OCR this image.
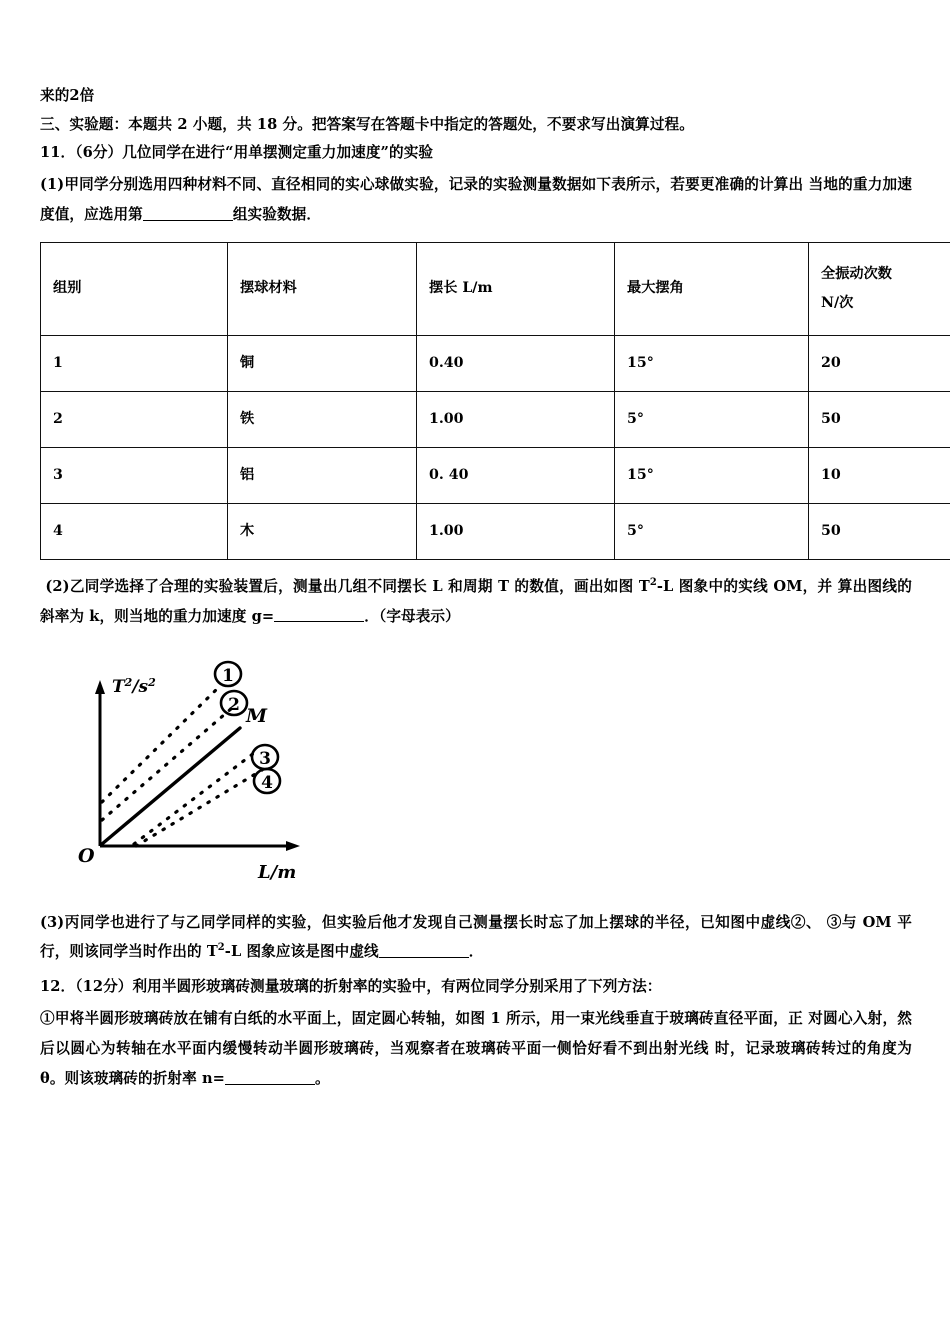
来的2倍

三、实验题：本题共 2 小题，共 18 分。把答案写在答题卡中指定的答题处，不要求写出演算过程。

11．（6分）几位同学在进行“用单摆测定重力加速度”的实验

(1)甲同学分别选用四种材料不同、直径相同的实心球做实验，记录的实验测量数据如下表所示，若要更准确的计算出 当地的重力加速度值，应选用第	组实验数据．

组别	摆球材料	摆长 L/m	最大摆角	全振动次数
N/次

1	铜	0.40	15°	20
2	铁	1.00	5°	50
3	铝	0. 40	15°	10
4	木	1.00	5°	50

(2)乙同学选择了合理的实验装置后，测量出几组不同摆长 L 和周期 T 的数值，画出如图 $T^2-L$ 图象中的实线 OM，并 算出图线的斜率为 k，则当地的重力加速度 g=	．（字母表示）

1
2
3
4
$T^2/s^2$
L/m
O
M

(3)丙同学也进行了与乙同学同样的实验，但实验后他才发现自己测量摆长时忘了加上摆球的半径，已知图中虚线②、 ③与 OM 平行，则该同学当时作出的 $T^2-L$ 图象应该是图中虚线	．

12．（12分）利用半圆形玻璃砖测量玻璃的折射率的实验中，有两位同学分别采用了下列方法：

①甲将半圆形玻璃砖放在铺有白纸的水平面上，固定圆心转轴，如图 1 所示，用一束光线垂直于玻璃砖直径平面，正 对圆心入射，然后以圆心为转轴在水平面内缓慢转动半圆形玻璃砖，当观察者在玻璃砖平面一侧恰好看不到出射光线 时，记录玻璃砖转过的角度为 θ。则该玻璃砖的折射率 n=	。
